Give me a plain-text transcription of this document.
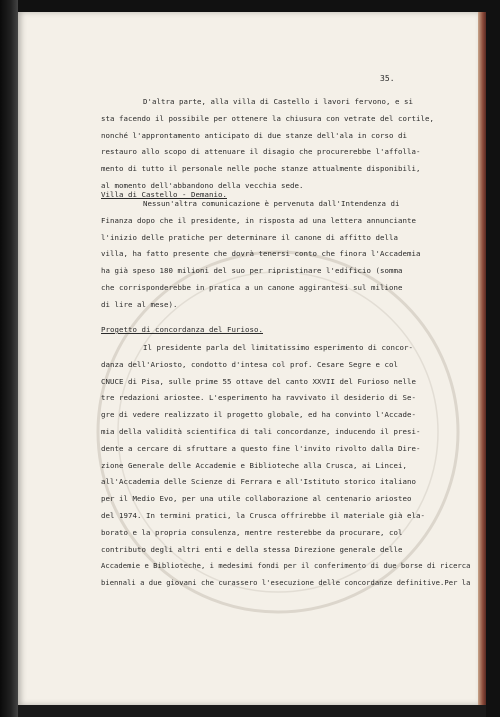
35.
D'altra parte, alla villa di Castello i lavori fervono, e si
sta facendo il possibile per ottenere la chiusura con vetrate del cortile,
nonché l'approntamento anticipato di due stanze dell'ala in corso di
restauro allo scopo di attenuare il disagio che procurerebbe l'affolla-
mento di tutto il personale nelle poche stanze attualmente disponibili,
al momento dell'abbandono della vecchia sede.
Villa di Castello - Demanio.
Nessun'altra comunicazione è pervenuta dall'Intendenza di
Finanza dopo che il presidente, in risposta ad una lettera annunciante
l'inizio delle pratiche per determinare il canone di affitto della
villa, ha fatto presente che dovrà tenersi conto che finora l'Accademia
ha già speso 180 milioni del suo per ripristinare l'edificio (somma
che corrisponderebbe in pratica a un canone aggirantesi sul milione
di lire al mese).
Progetto di concordanza del Furioso.
Il presidente parla del limitatissimo esperimento di concor-
danza dell'Ariosto, condotto d'intesa col prof. Cesare Segre e col
CNUCE di Pisa, sulle prime 55 ottave del canto XXVII del Furioso nelle
tre redazioni ariostee. L'esperimento ha ravvivato il desiderio di Se-
gre di vedere realizzato il progetto globale, ed ha convinto l'Accade-
mia della validità scientifica di tali concordanze, inducendo il presi-
dente a cercare di sfruttare a questo fine l'invito rivolto dalla Dire-
zione Generale delle Accademie e Biblioteche alla Crusca, ai Lincei,
all'Accademia delle Scienze di Ferrara e all'Istituto storico italiano
per il Medio Evo, per una utile collaborazione al centenario ariosteo
del 1974. In termini pratici, la Crusca offrirebbe il materiale già ela-
borato e la propria consulenza, mentre resterebbe da procurare, col
contributo degli altri enti e della stessa Direzione generale delle
Accademie e Biblioteche, i medesimi fondi per il conferimento di due borse di ricerca
biennali a due giovani che curassero l'esecuzione delle concordanze definitive.Per la
